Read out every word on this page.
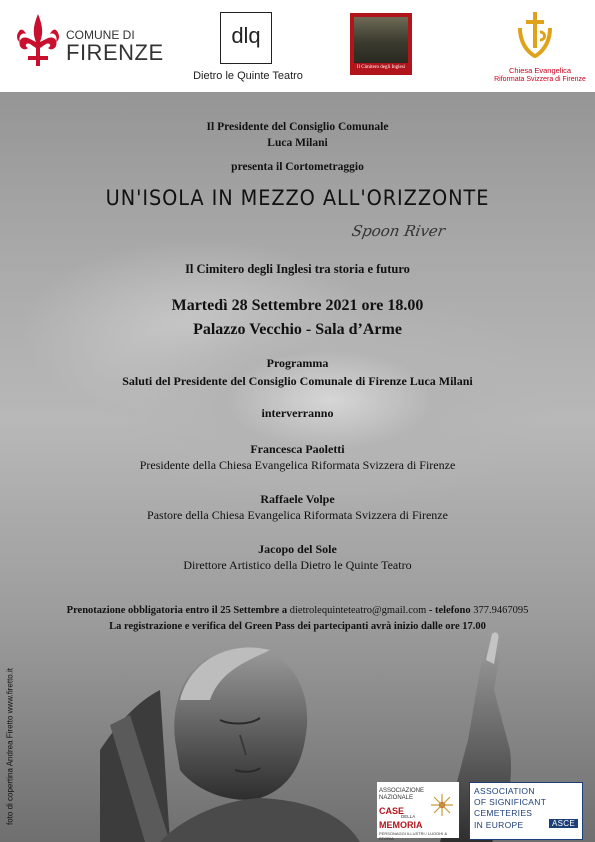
COMUNE DI
FIRENZE
dlq
Dietro le Quinte Teatro
Il Cimitero degli Inglesi	Chiesa Evangelica
Riformata Svizzera di Firenze
Il Presidente del Consiglio Comunale
Luca Milani
presenta il Cortometraggio
UN'ISOLA IN MEZZO ALL'ORIZZONTE
Spoon River
Il Cimitero degli Inglesi tra storia e futuro
Martedì 28 Settembre 2021 ore 18.00
Palazzo Vecchio - Sala d’Arme
Programma
Saluti del Presidente del Consiglio Comunale di Firenze Luca Milani
interverranno
Francesca Paoletti
Presidente della Chiesa Evangelica Riformata Svizzera di Firenze
Raffaele Volpe
Pastore della Chiesa Evangelica Riformata Svizzera di Firenze
Jacopo del Sole
Direttore Artistico della Dietro le Quinte Teatro
Prenotazione obbligatoria entro il 25 Settembre a dietrolequinteteatro@gmail.com - telefono 377.9467095
La registrazione e verifica del Green Pass dei partecipanti avrà inizio dalle ore 17.00
foto di copertina Andrea Firetto www.firetto.it	ASSOCIAZIONE
NAZIONALE
CASE
DELLA
MEMORIA
PERSONAGGI ILLUSTRI / LUOGHI & STORIA
ASSOCIATION
OF SIGNIFICANT
CEMETERIES
IN EUROPE	ASCE
